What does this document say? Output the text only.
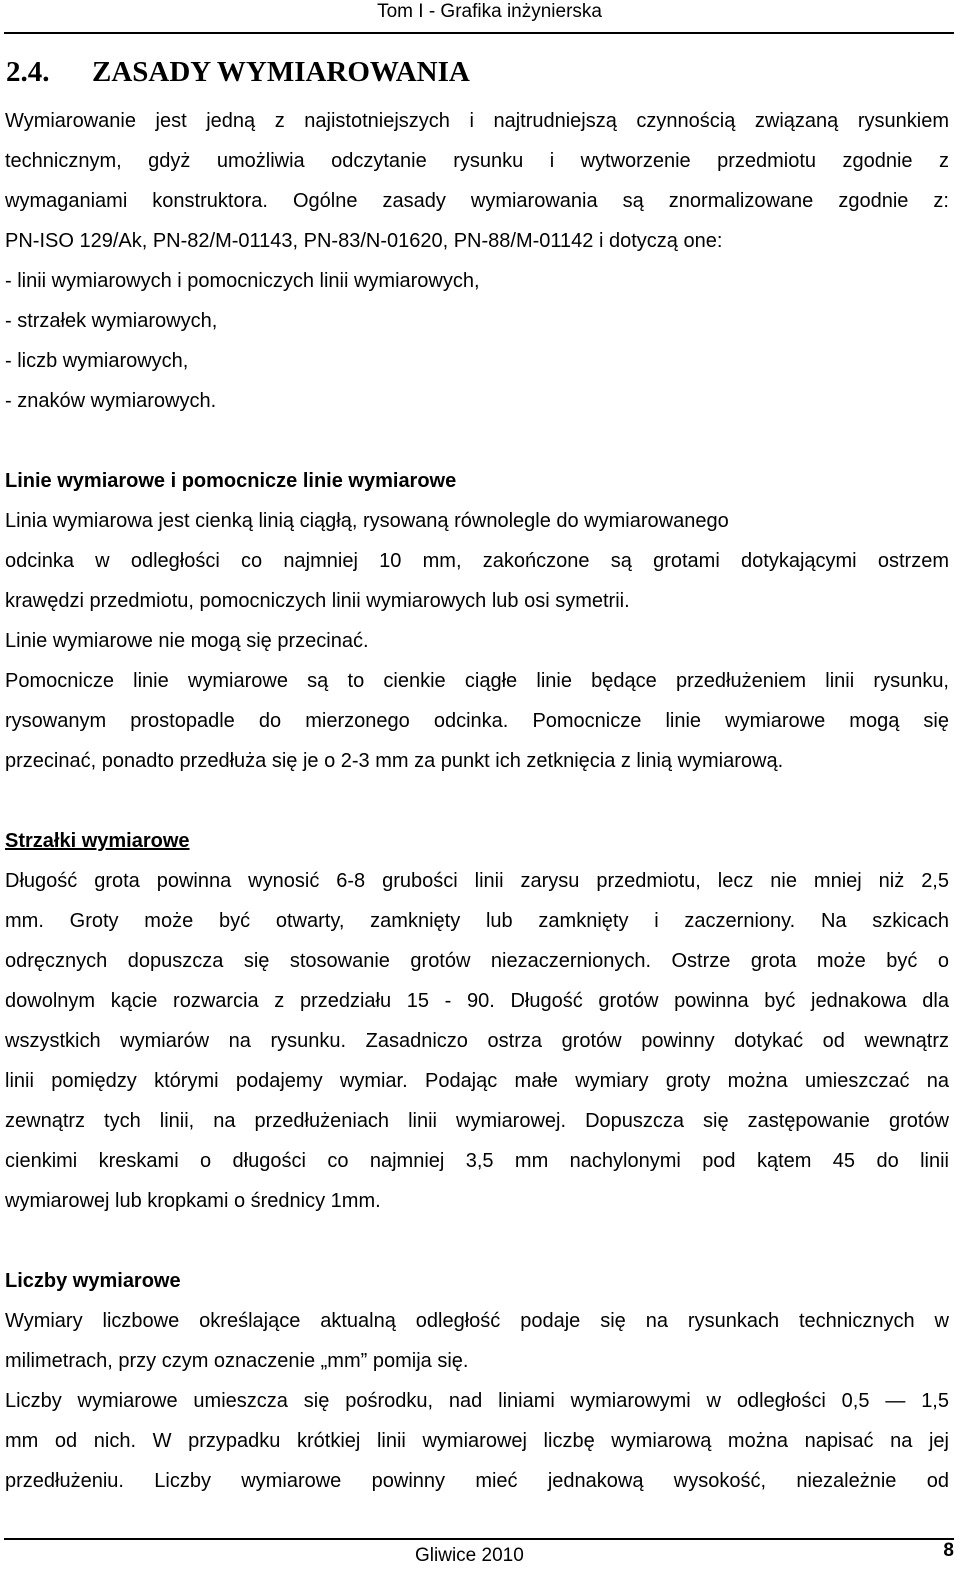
Tom I - Grafika inżynierska
2.4. ZASADY WYMIAROWANIA

Wymiarowanie jest jedną z najistotniejszych i najtrudniejszą czynnością związaną rysunkiem

technicznym, gdyż umożliwia odczytanie rysunku i wytworzenie przedmiotu zgodnie z

wymaganiami konstruktora. Ogólne zasady wymiarowania są znormalizowane zgodnie z:

PN-ISO 129/Ak, PN-82/M-01143, PN-83/N-01620, PN-88/M-01142 i dotyczą one:

- linii wymiarowych i pomocniczych linii wymiarowych,

- strzałek wymiarowych,

- liczb wymiarowych,

- znaków wymiarowych.

Linie wymiarowe i pomocnicze linie wymiarowe

Linia wymiarowa jest cienką linią ciągłą, rysowaną równolegle do wymiarowanego

odcinka w odległości co najmniej 10 mm, zakończone są grotami dotykającymi ostrzem

krawędzi przedmiotu, pomocniczych linii wymiarowych lub osi symetrii.

Linie wymiarowe nie mogą się przecinać.

Pomocnicze linie wymiarowe są to cienkie ciągłe linie będące przedłużeniem linii rysunku,

rysowanym prostopadle do mierzonego odcinka. Pomocnicze linie wymiarowe mogą się

przecinać, ponadto przedłuża się je o 2-3 mm za punkt ich zetknięcia z linią wymiarową.

Strzałki wymiarowe

Długość grota powinna wynosić 6-8 grubości linii zarysu przedmiotu, lecz nie mniej niż 2,5

mm. Groty może być otwarty, zamknięty lub zamknięty i zaczerniony. Na szkicach

odręcznych dopuszcza się stosowanie grotów niezaczernionych. Ostrze grota może być o

dowolnym kącie rozwarcia z przedziału 15 - 90. Długość grotów powinna być jednakowa dla

wszystkich wymiarów na rysunku. Zasadniczo ostrza grotów powinny dotykać od wewnątrz

linii pomiędzy którymi podajemy wymiar. Podając małe wymiary groty można umieszczać na

zewnątrz tych linii, na przedłużeniach linii wymiarowej. Dopuszcza się zastępowanie grotów

cienkimi kreskami o długości co najmniej 3,5 mm nachylonymi pod kątem 45 do linii

wymiarowej lub kropkami o średnicy 1mm.

Liczby wymiarowe

Wymiary liczbowe określające aktualną odległość podaje się na rysunkach technicznych w

milimetrach, przy czym oznaczenie „mm” pomija się.

Liczby wymiarowe umieszcza się pośrodku, nad liniami wymiarowymi w odległości 0,5 — 1,5

mm od nich. W przypadku krótkiej linii wymiarowej liczbę wymiarową można napisać na jej

przedłużeniu. Liczby wymiarowe powinny mieć jednakową wysokość, niezależnie od

Gliwice 2010	8
